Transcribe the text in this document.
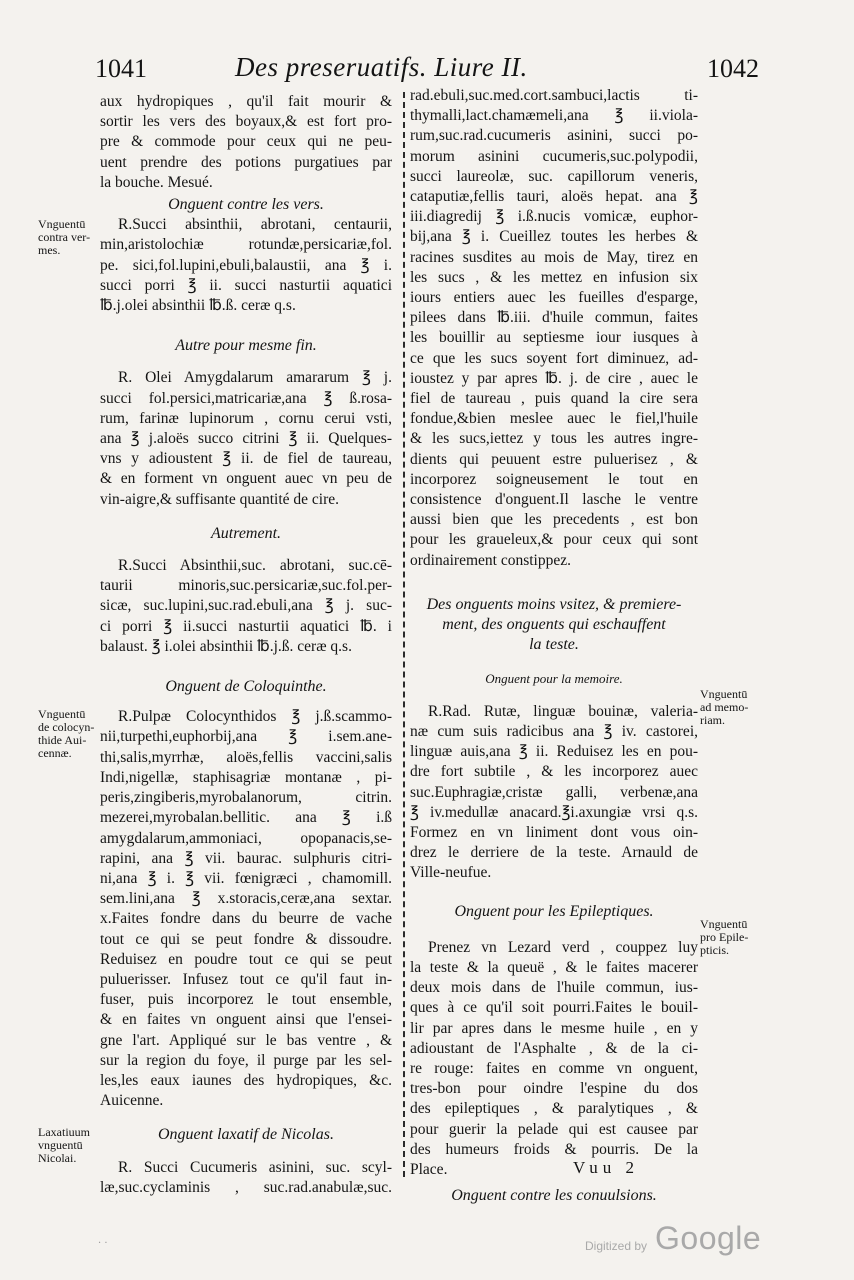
1041	Des preseruatifs. Liure II.	1042
aux hydropiques , qu'il fait mourir &
sortir les vers des boyaux,& est fort pro-
pre & commode pour ceux qui ne peu-
uent prendre des potions purgatiues par
la bouche. Mesué.
Onguent contre les vers.
R.Succi absinthii, abrotani, centaurii,
min,aristolochiæ rotundæ,persicariæ,fol.
pe. sici,fol.lupini,ebuli,balaustii, ana ℥ i.
succi porri ℥ ii. succi nasturtii aquatici
℔.j.olei absinthii ℔.ß. ceræ q.s.
Autre pour mesme fin.
R. Olei Amygdalarum amararum ℥ j.
succi fol.persici,matricariæ,ana ℥ ß.rosa-
rum, farinæ lupinorum , cornu cerui vsti,
ana ℥ j.aloës succo citrini ℥ ii. Quelques-
vns y adioustent ℥ ii. de fiel de taureau,
& en forment vn onguent auec vn peu de
vin-aigre,& suffisante quantité de cire.
Autrement.
R.Succi Absinthii,suc. abrotani, suc.cē-
taurii minoris,suc.persicariæ,suc.fol.per-
sicæ, suc.lupini,suc.rad.ebuli,ana ℥ j. suc-
ci porri ℥ ii.succi nasturtii aquatici ℔. i
balaust. ℥ i.olei absinthii ℔.j.ß. ceræ q.s.
Onguent de Coloquinthe.
R.Pulpæ Colocynthidos ℥ j.ß.scammo-
nii,turpethi,euphorbij,ana ℥ i.sem.ane-
thi,salis,myrrhæ, aloës,fellis vaccini,salis
Indi,nigellæ, staphisagriæ montanæ , pi-
peris,zingiberis,myrobalanorum, citrin.
mezerei,myrobalan.bellitic. ana ℥ i.ß
amygdalarum,ammoniaci, opopanacis,se-
rapini, ana ℥ vii. baurac. sulphuris citri-
ni,ana ℥ i. ℥ vii. fœnigræci , chamomill.
sem.lini,ana ℥ x.storacis,ceræ,ana sextar.
x.Faites fondre dans du beurre de vache
tout ce qui se peut fondre & dissoudre.
Reduisez en poudre tout ce qui se peut
puluerisser. Infusez tout ce qu'il faut in-
fuser, puis incorporez le tout ensemble,
& en faites vn onguent ainsi que l'ensei-
gne l'art. Appliqué sur le bas ventre , &
sur la region du foye, il purge par les sel-
les,les eaux iaunes des hydropiques, &c.
Auicenne.
Onguent laxatif de Nicolas.
R. Succi Cucumeris asinini, suc. scyl-
læ,suc.cyclaminis , suc.rad.anabulæ,suc.
rad.ebuli,suc.med.cort.sambuci,lactis ti-
thymalli,lact.chamæmeli,ana ℥ ii.viola-
rum,suc.rad.cucumeris asinini, succi po-
morum asinini cucumeris,suc.polypodii,
succi laureolæ, suc. capillorum veneris,
cataputiæ,fellis tauri, aloës hepat. ana ℥
iii.diagredij ℥ i.ß.nucis vomicæ, euphor-
bij,ana ℥ i. Cueillez toutes les herbes &
racines susdites au mois de May, tirez en
les sucs , & les mettez en infusion six
iours entiers auec les fueilles d'esparge,
pilees dans ℔.iii. d'huile commun, faites
les bouillir au septiesme iour iusques à
ce que les sucs soyent fort diminuez, ad-
ioustez y par apres ℔. j. de cire , auec le
fiel de taureau , puis quand la cire sera
fondue,&bien meslee auec le fiel,l'huile
& les sucs,iettez y tous les autres ingre-
dients qui peuuent estre puluerisez , &
incorporez soigneusement le tout en
consistence d'onguent.Il lasche le ventre
aussi bien que les precedents , est bon
pour les graueleux,& pour ceux qui sont
ordinairement constippez.
Des onguents moins vsitez, & premiere-
ment, des onguents qui eschauffent
la teste.
Onguent pour la memoire.
R.Rad. Rutæ, linguæ bouinæ, valeria-
næ cum suis radicibus ana ℥ iv. castorei,
linguæ auis,ana ℥ ii. Reduisez les en pou-
dre fort subtile , & les incorporez auec
suc.Euphragiæ,cristæ galli, verbenæ,ana
℥ iv.medullæ anacard.℥i.axungiæ vrsi q.s.
Formez en vn liniment dont vous oin-
drez le derriere de la teste. Arnauld de
Ville-neufue.
Onguent pour les Epileptiques.
Prenez vn Lezard verd , couppez luy
la teste & la queuë , & le faites macerer
deux mois dans de l'huile commun, ius-
ques à ce qu'il soit pourri.Faites le bouil-
lir par apres dans le mesme huile , en y
adioustant de l'Asphalte , & de la ci-
re rouge: faites en comme vn onguent,
tres-bon pour oindre l'espine du dos
des epileptiques , & paralytiques , &
pour guerir la pelade qui est causee par
des humeurs froids & pourris. De la
Place.
Onguent contre les conuulsions.
Vnguentū
contra ver-
mes.
Vnguentū
de colocyn-
thide Aui-
cennæ.
Laxatiuum
vnguentū
Nicolai.
Vnguentū
ad memo-
riam.
Vnguentū
pro Epile-
pticis.
Vuu 2
· ·	Digitized by Google
